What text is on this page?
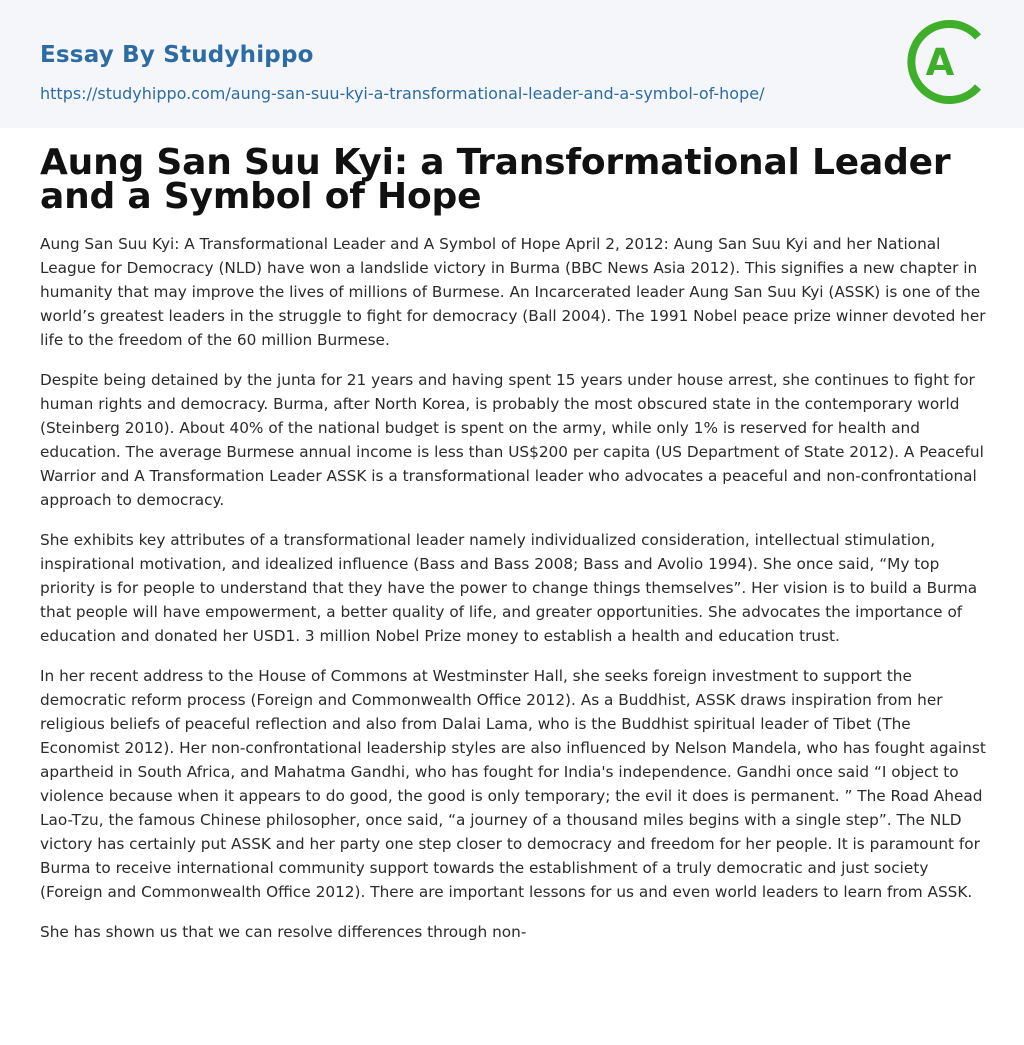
Essay By Studyhippo
https://studyhippo.com/aung-san-suu-kyi-a-transformational-leader-and-a-symbol-of-hope/
A
Aung San Suu Kyi: a Transformational Leader and a Symbol of Hope

Aung San Suu Kyi: A Transformational Leader and A Symbol of Hope April 2, 2012: Aung San Suu Kyi and her National League for Democracy (NLD) have won a landslide victory in Burma (BBC News Asia 2012). This signifies a new chapter in humanity that may improve the lives of millions of Burmese. An Incarcerated leader Aung San Suu Kyi (ASSK) is one of the world’s greatest leaders in the struggle to fight for democracy (Ball 2004). The 1991 Nobel peace prize winner devoted her life to the freedom of the 60 million Burmese.

Despite being detained by the junta for 21 years and having spent 15 years under house arrest, she continues to fight for human rights and democracy. Burma, after North Korea, is probably the most obscured state in the contemporary world (Steinberg 2010). About 40% of the national budget is spent on the army, while only 1% is reserved for health and education. The average Burmese annual income is less than US$200 per capita (US Department of State 2012). A Peaceful Warrior and A Transformation Leader ASSK is a transformational leader who advocates a peaceful and non-confrontational approach to democracy.

She exhibits key attributes of a transformational leader namely individualized consideration, intellectual stimulation, inspirational motivation, and idealized influence (Bass and Bass 2008; Bass and Avolio 1994). She once said, “My top priority is for people to understand that they have the power to change things themselves”. Her vision is to build a Burma that people will have empowerment, a better quality of life, and greater opportunities. She advocates the importance of education and donated her USD1. 3 million Nobel Prize money to establish a health and education trust.

In her recent address to the House of Commons at Westminster Hall, she seeks foreign investment to support the democratic reform process (Foreign and Commonwealth Office 2012). As a Buddhist, ASSK draws inspiration from her religious beliefs of peaceful reflection and also from Dalai Lama, who is the Buddhist spiritual leader of Tibet (The Economist 2012). Her non-confrontational leadership styles are also influenced by Nelson Mandela, who has fought against apartheid in South Africa, and Mahatma Gandhi, who has fought for India's independence. Gandhi once said “I object to violence because when it appears to do good, the good is only temporary; the evil it does is permanent. ” The Road Ahead Lao-Tzu, the famous Chinese philosopher, once said, “a journey of a thousand miles begins with a single step”. The NLD victory has certainly put ASSK and her party one step closer to democracy and freedom for her people. It is paramount for Burma to receive international community support towards the establishment of a truly democratic and just society (Foreign and Commonwealth Office 2012). There are important lessons for us and even world leaders to learn from ASSK.

She has shown us that we can resolve differences through non-
